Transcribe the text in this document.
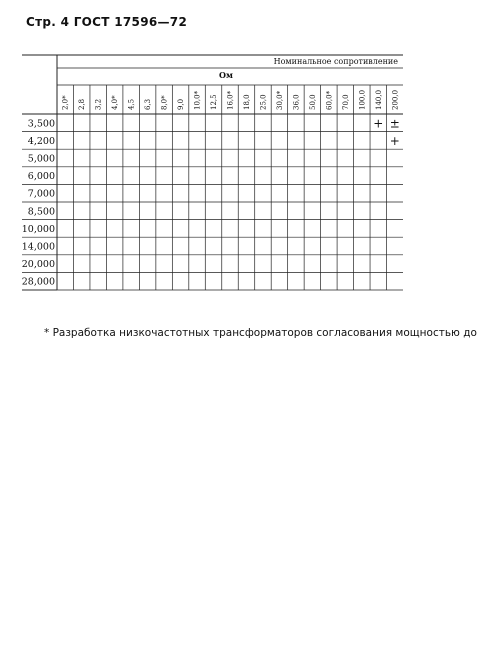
Стр. 4 ГОСТ 17596—72
Номинальное сопротивление
Ом
2,0* 2,8 3,2 4,0* 4,5 6,3 8,0* 9,0 10,0* 12,5 16,0* 18,0 25,0 30,0* 36,0 50,0 60,0* 70,0 100,0 140,0 200,0
3,500
4,200
5,000
6,000
7,000
8,500
10,000
14,000
20,000
28,000
+ ±
+
* Разработка низкочастотных трансформаторов согласования мощностью до
